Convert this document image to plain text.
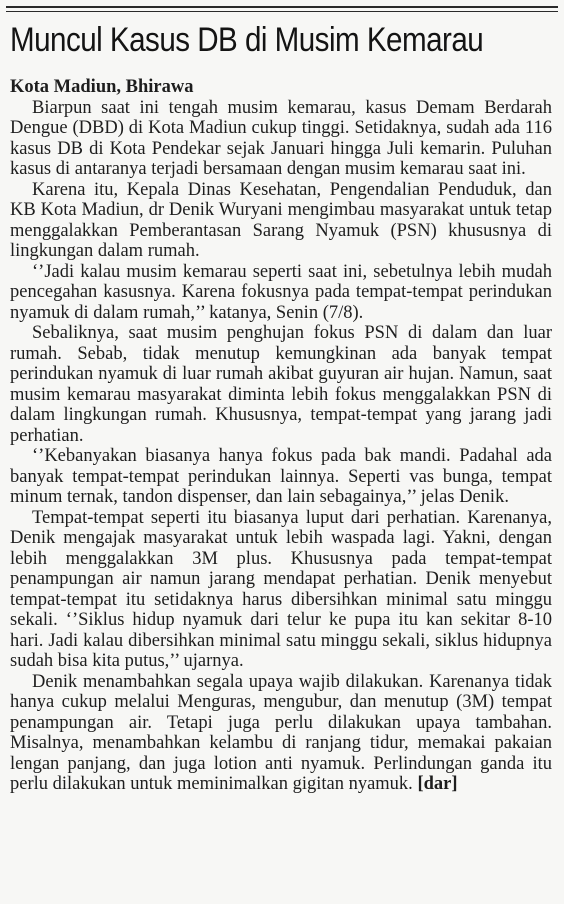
Muncul Kasus DB di Musim Kemarau
Kota Madiun, Bhirawa

Biarpun saat ini tengah musim kemarau, kasus Demam Berdarah Dengue (DBD) di Kota Madiun cukup tinggi. Setidaknya, sudah ada 116 kasus DB di Kota Pendekar sejak Januari hingga Juli kemarin. Puluhan kasus di antaranya terjadi bersamaan dengan musim kemarau saat ini.

Karena itu, Kepala Dinas Kesehatan, Pengendalian Penduduk, dan KB Kota Madiun, dr Denik Wuryani mengimbau masyarakat untuk tetap menggalakkan Pemberantasan Sarang Nyamuk (PSN) khususnya di lingkungan dalam rumah.

‘’Jadi kalau musim kemarau seperti saat ini, sebetulnya lebih mudah pencegahan kasusnya. Karena fokusnya pada tempat-tempat perindukan nyamuk di dalam rumah,’’ katanya, Senin (7/8).

Sebaliknya, saat musim penghujan fokus PSN di dalam dan luar rumah. Sebab, tidak menutup kemungkinan ada banyak tempat perindukan nyamuk di luar rumah akibat guyuran air hujan. Namun, saat musim kemarau masyarakat diminta lebih fokus menggalakkan PSN di dalam lingkungan rumah. Khususnya, tempat-tempat yang jarang jadi perhatian.

‘’Kebanyakan biasanya hanya fokus pada bak mandi. Padahal ada banyak tempat-tempat perindukan lainnya. Seperti vas bunga, tempat minum ternak, tandon dispenser, dan lain sebagainya,’’ jelas Denik.

Tempat-tempat seperti itu biasanya luput dari perhatian. Karenanya, Denik mengajak masyarakat untuk lebih waspada lagi. Yakni, dengan lebih menggalakkan 3M plus. Khususnya pada tempat-tempat penampungan air namun jarang mendapat perhatian. Denik menyebut tempat-tempat itu setidaknya harus dibersihkan minimal satu minggu sekali. ‘’Siklus hidup nyamuk dari telur ke pupa itu kan sekitar 8-10 hari. Jadi kalau dibersihkan minimal satu minggu sekali, siklus hidupnya sudah bisa kita putus,’’ ujarnya.

Denik menambahkan segala upaya wajib dilakukan. Karenanya tidak hanya cukup melalui Menguras, mengubur, dan menutup (3M) tempat penampungan air. Tetapi juga perlu dilakukan upaya tambahan. Misalnya, menambahkan kelambu di ranjang tidur, memakai pakaian lengan panjang, dan juga lotion anti nyamuk. Perlindungan ganda itu perlu dilakukan untuk meminimalkan gigitan nyamuk. [dar]
